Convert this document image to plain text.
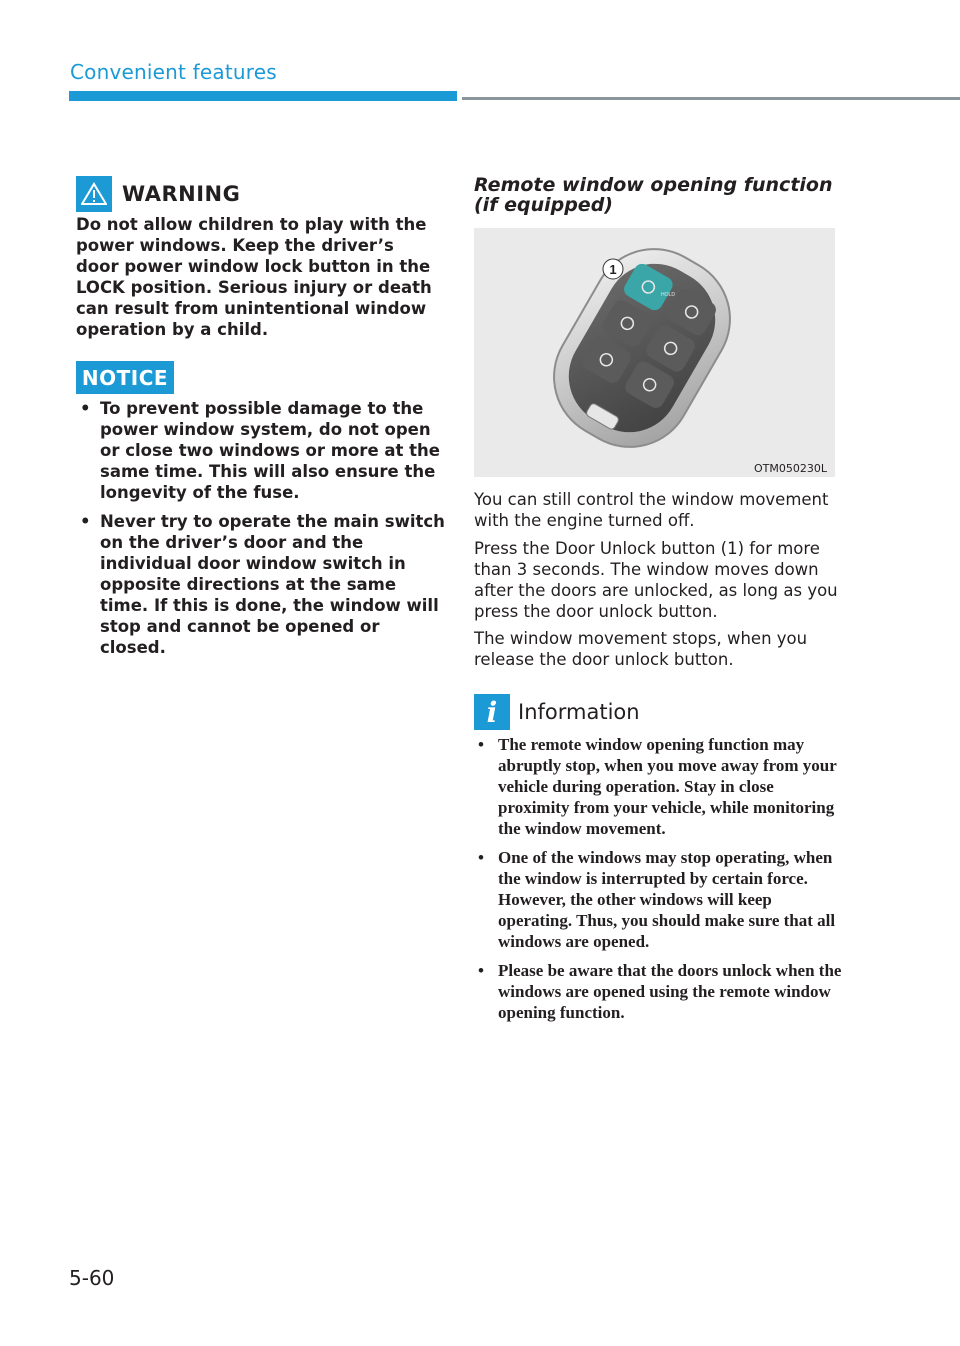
Convenient features
WARNING
Do not allow children to play with the power windows. Keep the driver’s door power window lock button in the LOCK position. Serious injury or death can result from unintentional window operation by a child.
NOTICE
• To prevent possible damage to the power window system, do not open or close two windows or more at the same time. This will also ensure the longevity of the fuse.
• Never try to operate the main switch on the driver’s door and the individual door window switch in opposite directions at the same time. If this is done, the window will stop and cannot be opened or closed.
Remote window opening function (if equipped)
HOLD
1
OTM050230L

You can still control the window movement with the engine turned off.

Press the Door Unlock button (1) for more than 3 seconds. The window moves down after the doors are unlocked, as long as you press the door unlock button.

The window movement stops, when you release the door unlock button.

i Information
• The remote window opening function may abruptly stop, when you move away from your vehicle during operation. Stay in close proximity from your vehicle, while monitoring the window movement.
• One of the windows may stop operating, when the window is interrupted by certain force. However, the other windows will keep operating. Thus, you should make sure that all windows are opened.
• Please be aware that the doors unlock when the windows are opened using the remote window opening function.
5-60
